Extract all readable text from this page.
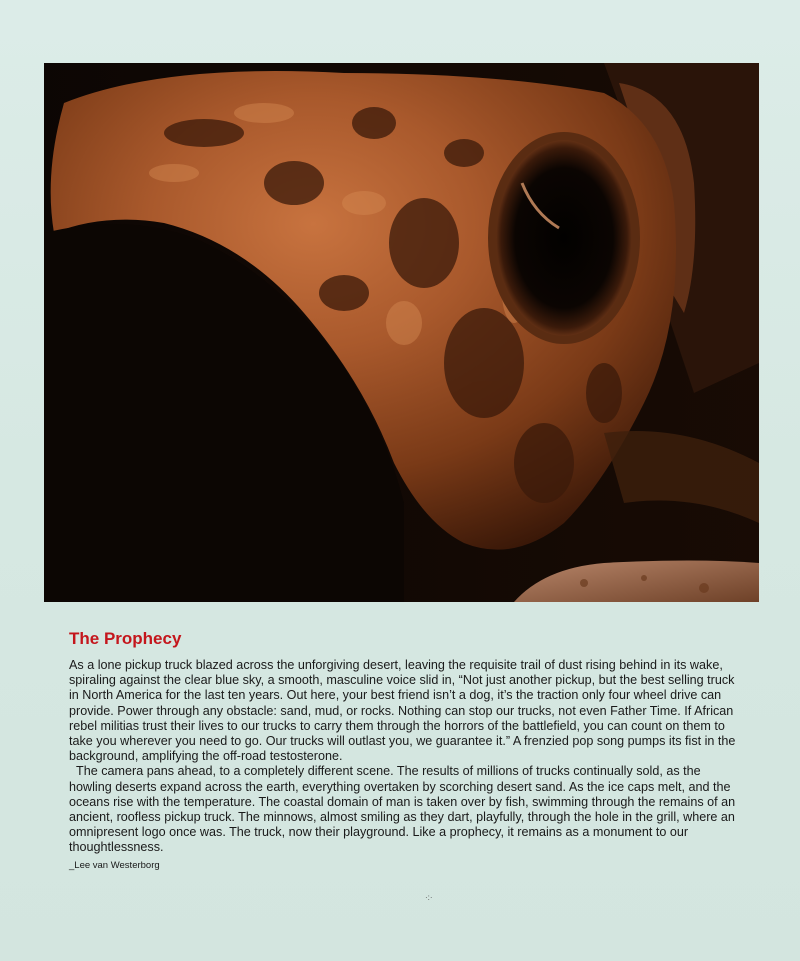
The Prophecy

As a lone pickup truck blazed across the unforgiving desert, leaving the requisite trail of dust rising behind in its wake, spiraling against the clear blue sky, a smooth, masculine voice slid in, “Not just another pickup, but the best selling truck in North America for the last ten years. Out here, your best friend isn’t a dog, it’s the traction only four wheel drive can provide. Power through any obstacle: sand, mud, or rocks. Nothing can stop our trucks, not even Father Time. If African rebel militias trust their lives to our trucks to carry them through the horrors of the battlefield, you can count on them to take you wherever you need to go. Our trucks will outlast you, we guarantee it.” A frenzied pop song pumps its fist in the background, amplifying the off-road testosterone.

The camera pans ahead, to a completely different scene. The results of millions of trucks continually sold, as the howling deserts expand across the earth, everything overtaken by scorching desert sand. As the ice caps melt, and the oceans rise with the temperature. The coastal domain of man is taken over by fish, swimming through the remains of an ancient, roofless pickup truck. The minnows, almost smiling as they dart, playfully, through the hole in the grill, where an omnipresent logo once was. The truck, now their playground. Like a prophecy, it remains as a monument to our thoughtlessness.

_Lee van Westerborg

·:·
